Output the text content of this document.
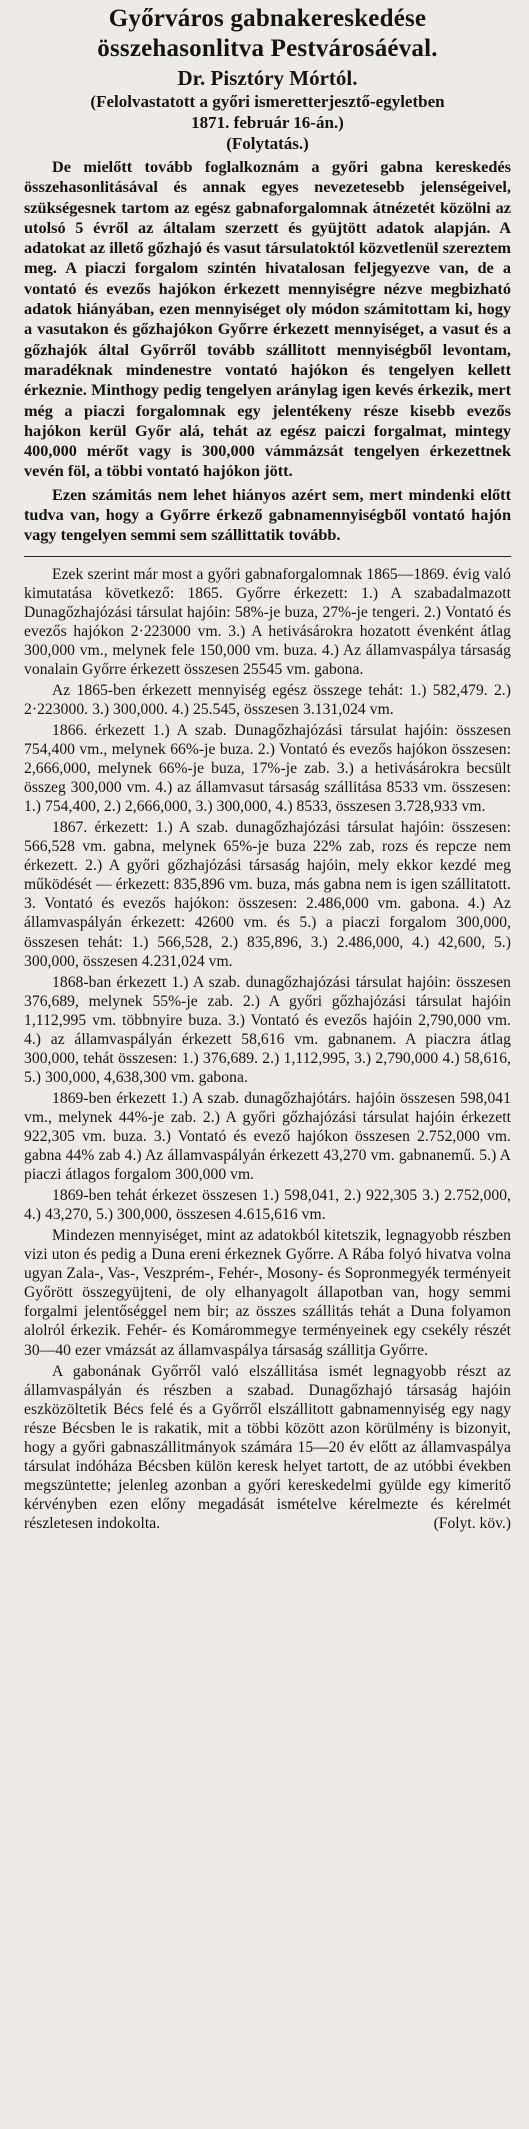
Győrváros gabnakereskedése
összehasonlitva Pestvárosáéval.
Dr. Pisztóry Mórtól.
(Felolvastatott a győri ismeretterjesztő-egyletben
1871. február 16-án.)
(Folytatás.)

De mielőtt tovább foglalkoznám a győri gabna kereskedés összehasonlitásával és annak egyes nevezetesebb jelenségeivel, szükségesnek tartom az egész gabnaforgalomnak átnézetét közölni az utolsó 5 évről az általam szerzett és gyüjtött adatok alapján. A adatokat az illető gőzhajó és vasut társulatoktól közvetlenül szereztem meg. A piaczi forgalom szintén hivatalosan feljegyezve van, de a vontató és evezős hajókon érkezett mennyiségre nézve megbizható adatok hiányában, ezen mennyiséget oly módon számitottam ki, hogy a vasutakon és gőzhajókon Győrre érkezett mennyiséget, a vasut és a gőzhajók által Győrről tovább szállitott mennyiségből levontam, maradéknak mindenestre vontató hajókon és tengelyen kellett érkeznie. Minthogy pedig tengelyen aránylag igen kevés érkezik, mert még a piaczi forgalomnak egy jelentékeny része kisebb evezős hajókon kerül Győr alá, tehát az egész paiczi forgalmat, mintegy 400,000 mérőt vagy is 300,000 vámmázsát tengelyen érkezettnek vevén föl, a többi vontató hajókon jött.

Ezen számitás nem lehet hiányos azért sem, mert mindenki előtt tudva van, hogy a Győrre érkező gabnamennyiségből vontató hajón vagy tengelyen semmi sem szállittatik tovább.

Ezek szerint már most a győri gabnaforgalomnak 1865—1869. évig való kimutatása következő: 1865. Győrre érkezett: 1.) A szabadalmazott Dunagőzhajózási társulat hajóin: 58%-je buza, 27%-je tengeri. 2.) Vontató és evezős hajókon 2·223000 vm. 3.) A hetivásárokra hozatott évenként átlag 300,000 vm., melynek fele 150,000 vm. buza. 4.) Az államvaspálya társaság vonalain Győrre érkezett összesen 25545 vm. gabona.

Az 1865-ben érkezett mennyiség egész összege tehát: 1.) 582,479. 2.) 2·223000. 3.) 300,000. 4.) 25.545, összesen 3.131,024 vm.

1866. érkezett 1.) A szab. Dunagőzhajózási társulat hajóin: összesen 754,400 vm., melynek 66%-je buza. 2.) Vontató és evezős hajókon összesen: 2,666,000, melynek 66%-je buza, 17%-je zab. 3.) a hetivásárokra becsült összeg 300,000 vm. 4.) az államvasut társaság szállitása 8533 vm. összesen: 1.) 754,400, 2.) 2,666,000, 3.) 300,000, 4.) 8533, összesen 3.728,933 vm.

1867. érkezett: 1.) A szab. dunagőzhajózási társulat hajóin: összesen: 566,528 vm. gabna, melynek 65%-je buza 22% zab, rozs és repcze nem érkezett. 2.) A győri gőzhajózási társaság hajóin, mely ekkor kezdé meg működését — érkezett: 835,896 vm. buza, más gabna nem is igen szállitatott. 3. Vontató és evezős hajókon: összesen: 2.486,000 vm. gabona. 4.) Az államvaspályán érkezett: 42600 vm. és 5.) a piaczi forgalom 300,000, összesen tehát: 1.) 566,528, 2.) 835,896, 3.) 2.486,000, 4.) 42,600, 5.) 300,000, összesen 4.231,024 vm.

1868-ban érkezett 1.) A szab. dunagőzhajózási társulat hajóin: összesen 376,689, melynek 55%-je zab. 2.) A győri gőzhajózási társulat hajóin 1,112,995 vm. többnyire buza. 3.) Vontató és evezős hajóin 2,790,000 vm. 4.) az államvaspályán érkezett 58,616 vm. gabnanem. A piaczra átlag 300,000, tehát összesen: 1.) 376,689. 2.) 1,112,995, 3.) 2,790,000 4.) 58,616, 5.) 300,000, 4,638,300 vm. gabona.

1869-ben érkezett 1.) A szab. dunagőzhajótárs. hajóin összesen 598,041 vm., melynek 44%-je zab. 2.) A győri gőzhajózási társulat hajóin érkezett 922,305 vm. buza. 3.) Vontató és evező hajókon összesen 2.752,000 vm. gabna 44% zab 4.) Az államvaspályán érkezett 43,270 vm. gabnanemű. 5.) A piaczi átlagos forgalom 300,000 vm.

1869-ben tehát érkezet összesen 1.) 598,041, 2.) 922,305 3.) 2.752,000, 4.) 43,270, 5.) 300,000, összesen 4.615,616 vm.

Mindezen mennyiséget, mint az adatokból kitetszik, legnagyobb részben vizi uton és pedig a Duna ereni érkeznek Győrre. A Rába folyó hivatva volna ugyan Zala-, Vas-, Veszprém-, Fehér-, Mosony- és Sopronmegyék terményeit Győrött összegyüjteni, de oly elhanyagolt állapotban van, hogy semmi forgalmi jelentőséggel nem bir; az összes szállitás tehát a Duna folyamon alolról érkezik. Fehér- és Komárommegye terményeinek egy csekély részét 30—40 ezer vmázsát az államvaspálya társaság szállitja Győrre.

A gabonának Győrről való elszállitása ismét legnagyobb részt az államvaspályán és részben a szabad. Dunagőzhajó társaság hajóin eszközöltetik Bécs felé és a Győrről elszállitott gabnamennyiség egy nagy része Bécsben le is rakatik, mit a többi között azon körülmény is bizonyit, hogy a győri gabnaszállitmányok számára 15—20 év előtt az államvaspálya társulat indóháza Bécsben külön keresk helyet tartott, de az utóbbi években megszüntette; jelenleg azonban a győri kereskedelmi gyülde egy kimeritő kérvényben ezen előny megadását ismételve kérelmezte és kérelmét részletesen indokolta.	(Folyt. köv.)
